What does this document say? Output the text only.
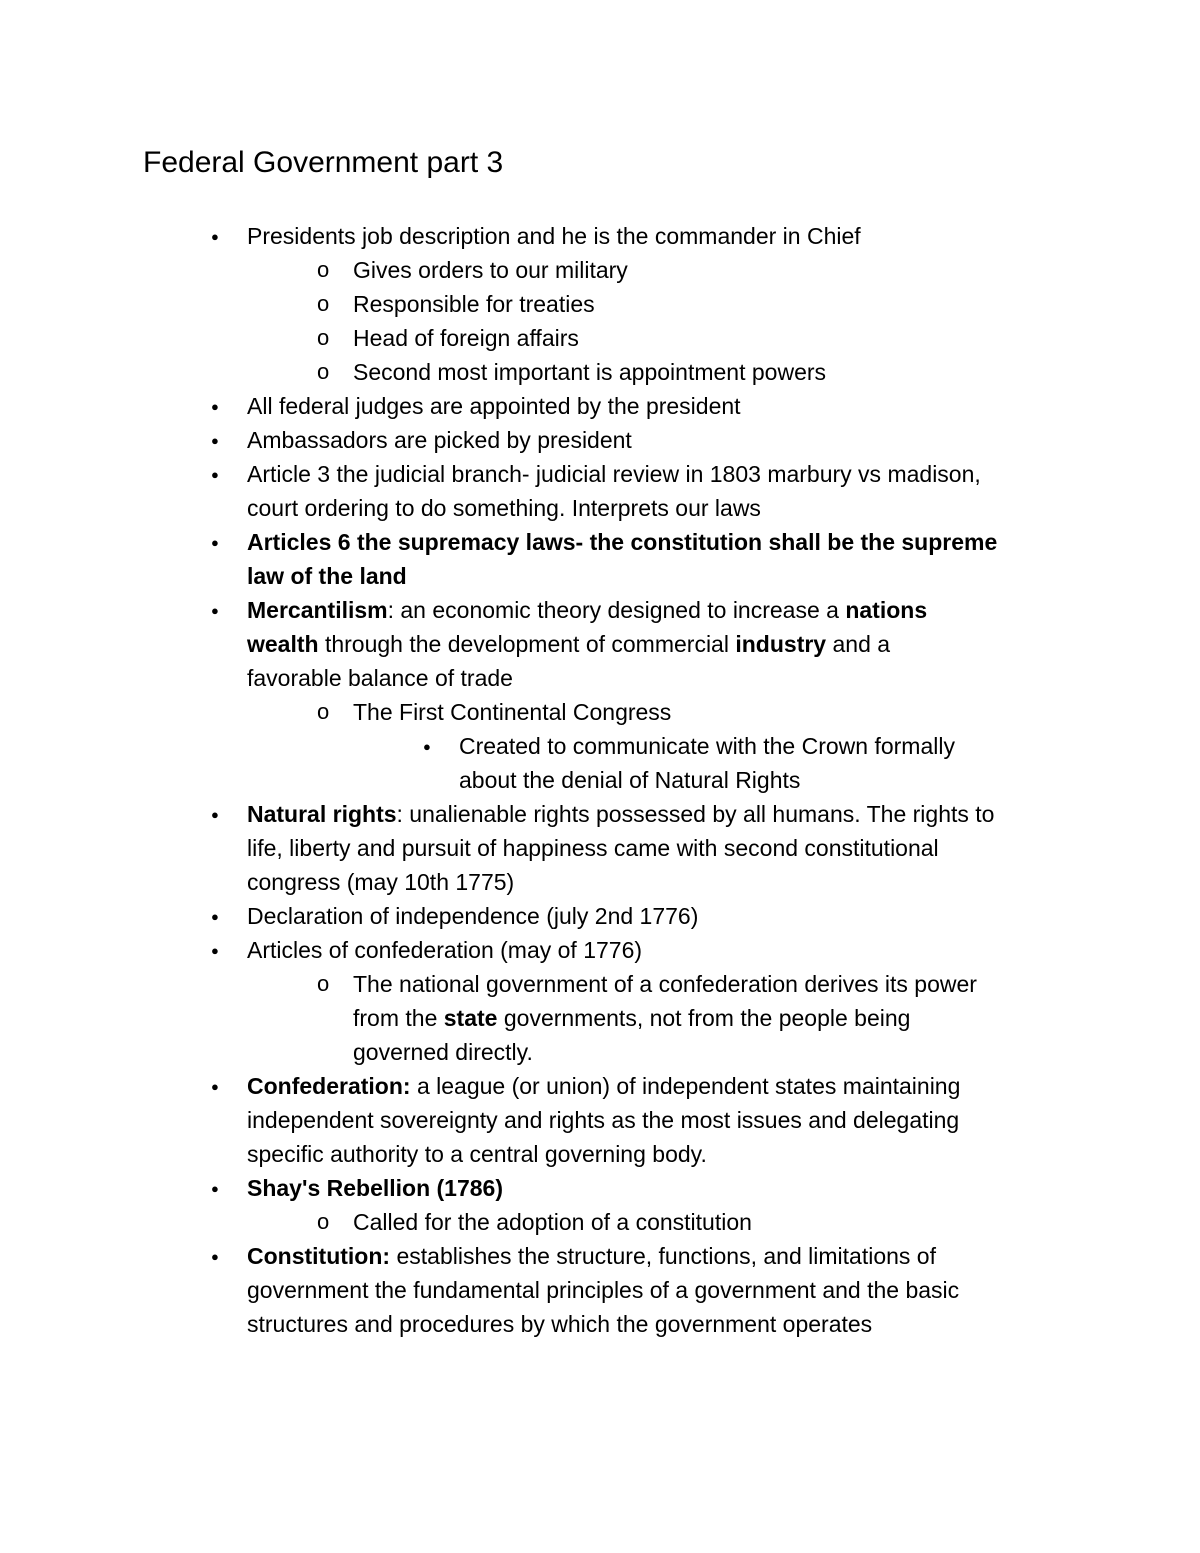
Federal Government part 3
●
Presidents job description and he is the commander in Chief
o Gives orders to our military
o Responsible for treaties
o Head of foreign affairs
o Second most important is appointment powers
●
All federal judges are appointed by the president
●
Ambassadors are picked by president
●
Article 3 the judicial branch- judicial review in 1803 marbury vs madison,
court ordering to do something. Interprets our laws
●
Articles 6 the supremacy laws- the constitution shall be the supreme
law of the land
●
Mercantilism: an economic theory designed to increase a nations
wealth through the development of commercial industry and a
favorable balance of trade
o The First Continental Congress
●
Created to communicate with the Crown formally
about the denial of Natural Rights
●
Natural rights: unalienable rights possessed by all humans. The rights to
life, liberty and pursuit of happiness came with second constitutional
congress (may 10th 1775)
●
Declaration of independence (july 2nd 1776)
●
Articles of confederation (may of 1776)
o The national government of a confederation derives its power
from the state governments, not from the people being
governed directly.
●
Confederation: a league (or union) of independent states maintaining
independent sovereignty and rights as the most issues and delegating
specific authority to a central governing body.
●
Shay's Rebellion (1786)
o Called for the adoption of a constitution
●
Constitution: establishes the structure, functions, and limitations of
government the fundamental principles of a government and the basic
structures and procedures by which the government operates
